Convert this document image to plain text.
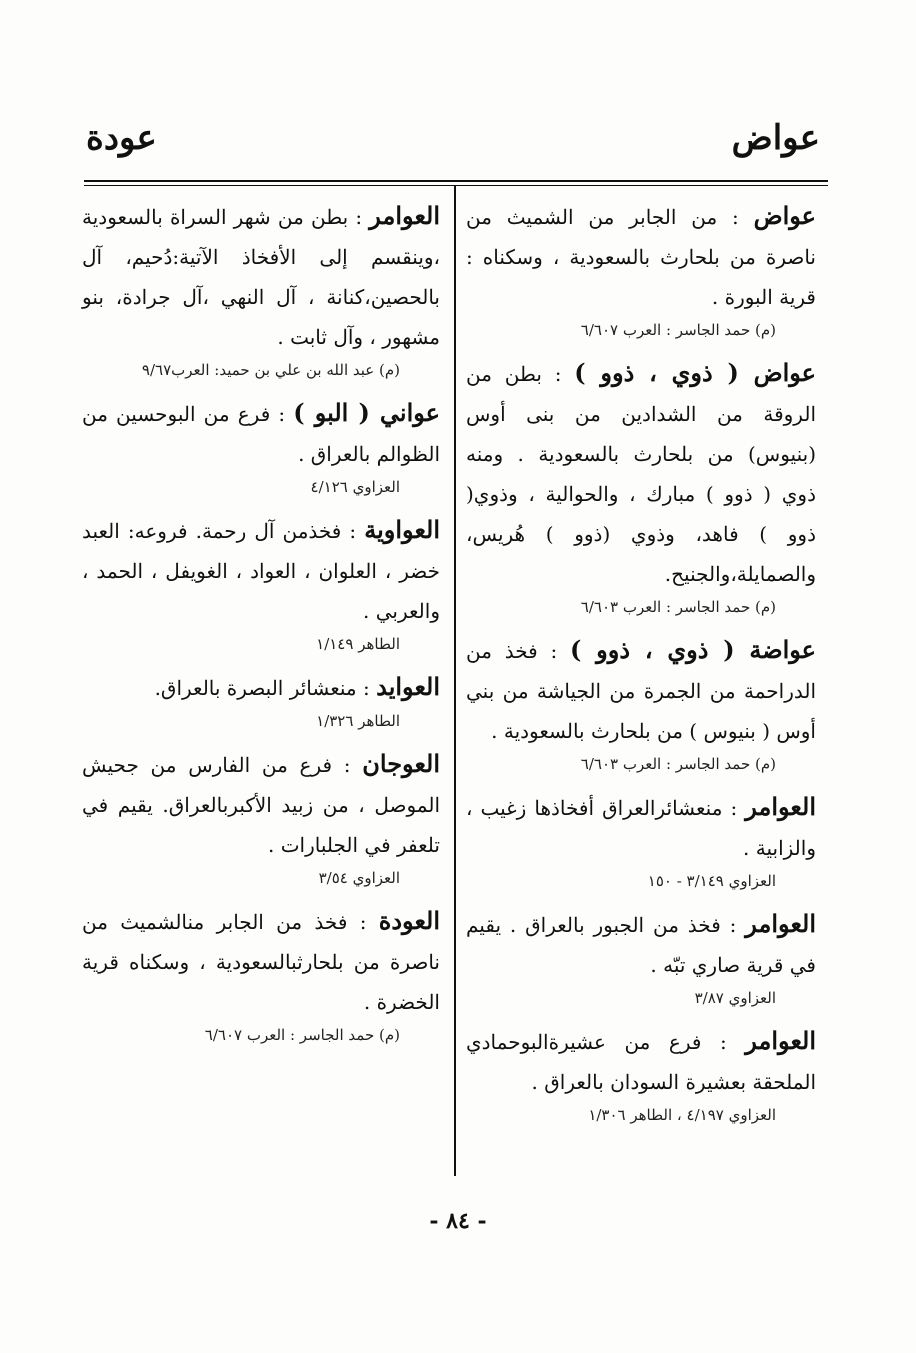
عواض
عودة

عواض : من الجابر من الشميث من ناصرة من بلحارث بالسعودية ، وسكناه : قرية البورة .

(م) حمد الجاسر : العرب ٦/٦٠٧

عواض ( ذوي ، ذوو ) : بطن من الروقة من الشدادين من بنى أوس (بنيوس) من بلحارث بالسعودية . ومنه ذوي ( ذوو ) مبارك ، والحوالية ، وذوي( ذوو ) فاهد، وذوي (ذوو ) هُريس، والصمايلة،والجنيح.

(م) حمد الجاسر : العرب ٦/٦٠٣

عواضة ( ذوي ، ذوو ) : فخذ من الدراحمة من الجمرة من الجياشة من بني أوس ( بنيوس ) من بلحارث بالسعودية .

(م) حمد الجاسر : العرب ٦/٦٠٣

العوامر : منعشائرالعراق أفخاذها زغيب ، والزابية .

العزاوي ٣/١٤٩ - ١٥٠

العوامر : فخذ من الجبور بالعراق . يقيم في قرية صاري تبّه .

العزاوي ٣/٨٧

العوامر : فرع من عشيرةالبوحمادي الملحقة بعشيرة السودان بالعراق .

العزاوي ٤/١٩٧ ، الطاهر ١/٣٠٦

العوامر : بطن من شهر السراة بالسعودية ،وينقسم إلى الأفخاذ الآتية:دُحيم، آل بالحصين،كنانة ، آل النهي ،آل جرادة، بنو مشهور ، وآل ثابت .

(م) عبد الله بن علي بن حميد: العرب٩/٦٧

عواني ( البو ) : فرع من البوحسين من الظوالم بالعراق .

العزاوي ٤/١٢٦

العواوية : فخذمن آل رحمة. فروعه: العبد خضر ، العلوان ، العواد ، الغويفل ، الحمد ، والعربي .

الطاهر ١/١٤٩

العوايد : منعشائر البصرة بالعراق.

الطاهر ١/٣٢٦

العوجان : فرع من الفارس من جحيش الموصل ، من زبيد الأكبربالعراق. يقيم في تلعفر في الجلبارات .

العزاوي ٣/٥٤

العودة : فخذ من الجابر منالشميث من ناصرة من بلحارثبالسعودية ، وسكناه قرية الخضرة .

(م) حمد الجاسر : العرب ٦/٦٠٧

- ٨٤ -
